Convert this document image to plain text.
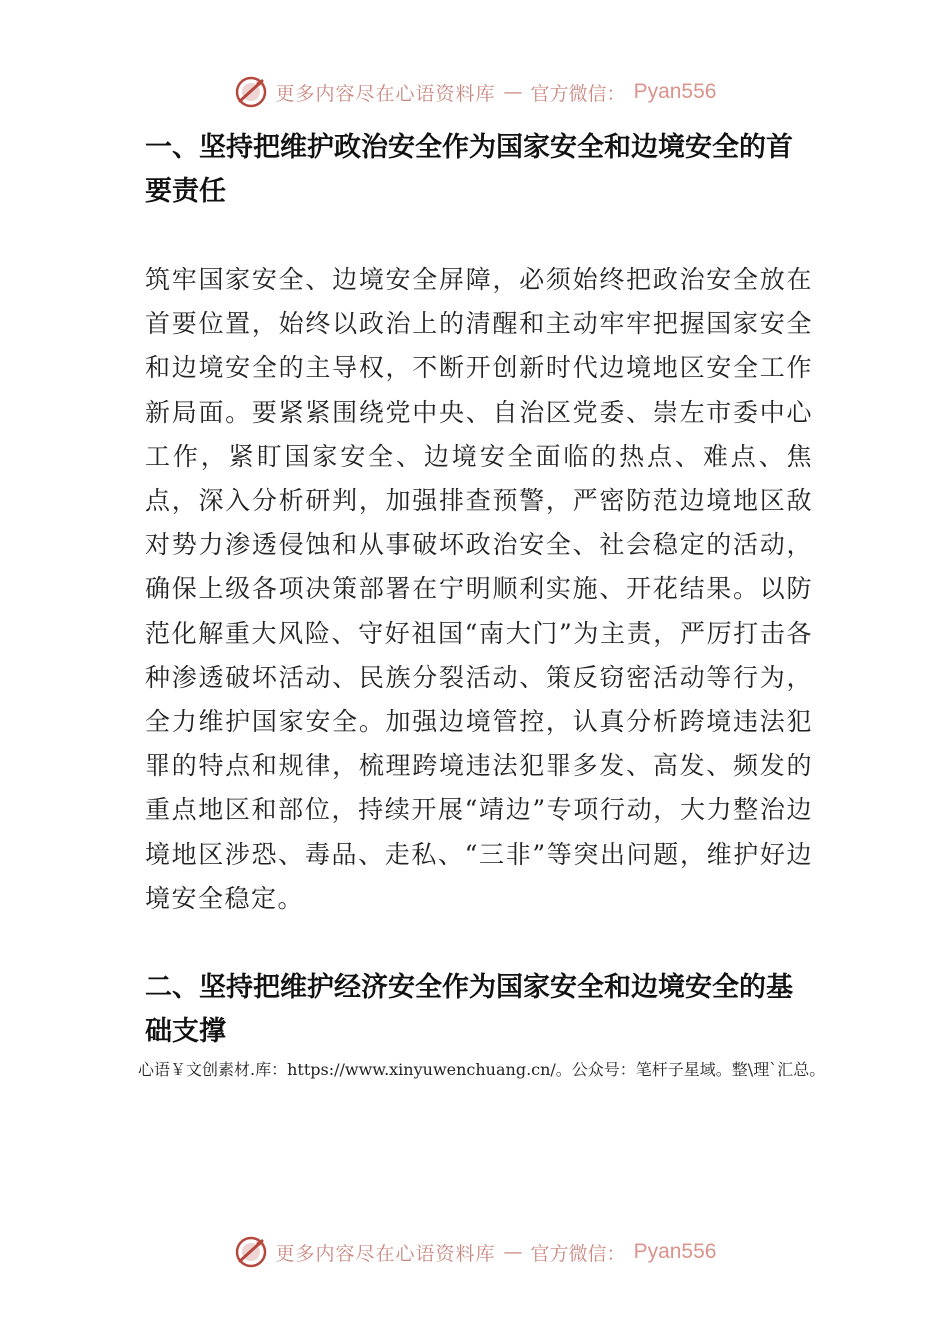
更多内容尽在心语资料库 — 官方微信： Pyan556
一、坚持把维护政治安全作为国家安全和边境安全的首要责任

筑牢国家安全、边境安全屏障，必须始终把政治安全放在首要位置，始终以政治上的清醒和主动牢牢把握国家安全和边境安全的主导权，不断开创新时代边境地区安全工作新局面。要紧紧围绕党中央、自治区党委、崇左市委中心工作，紧盯国家安全、边境安全面临的热点、难点、焦点，深入分析研判，加强排查预警，严密防范边境地区敌对势力渗透侵蚀和从事破坏政治安全、社会稳定的活动，确保上级各项决策部署在宁明顺利实施、开花结果。以防范化解重大风险、守好祖国“南大门”为主责，严厉打击各种渗透破坏活动、民族分裂活动、策反窃密活动等行为，全力维护国家安全。加强边境管控，认真分析跨境违法犯罪的特点和规律，梳理跨境违法犯罪多发、高发、频发的重点地区和部位，持续开展“靖边”专项行动，大力整治边境地区涉恐、毒品、走私、“三非”等突出问题，维护好边境安全稳定。

二、坚持把维护经济安全作为国家安全和边境安全的基础支撑

心语￥文创素材.库：https://www.xinyuwenchuang.cn/。公众号：笔杆子星域。整\理`汇总。

更多内容尽在心语资料库 — 官方微信： Pyan556
